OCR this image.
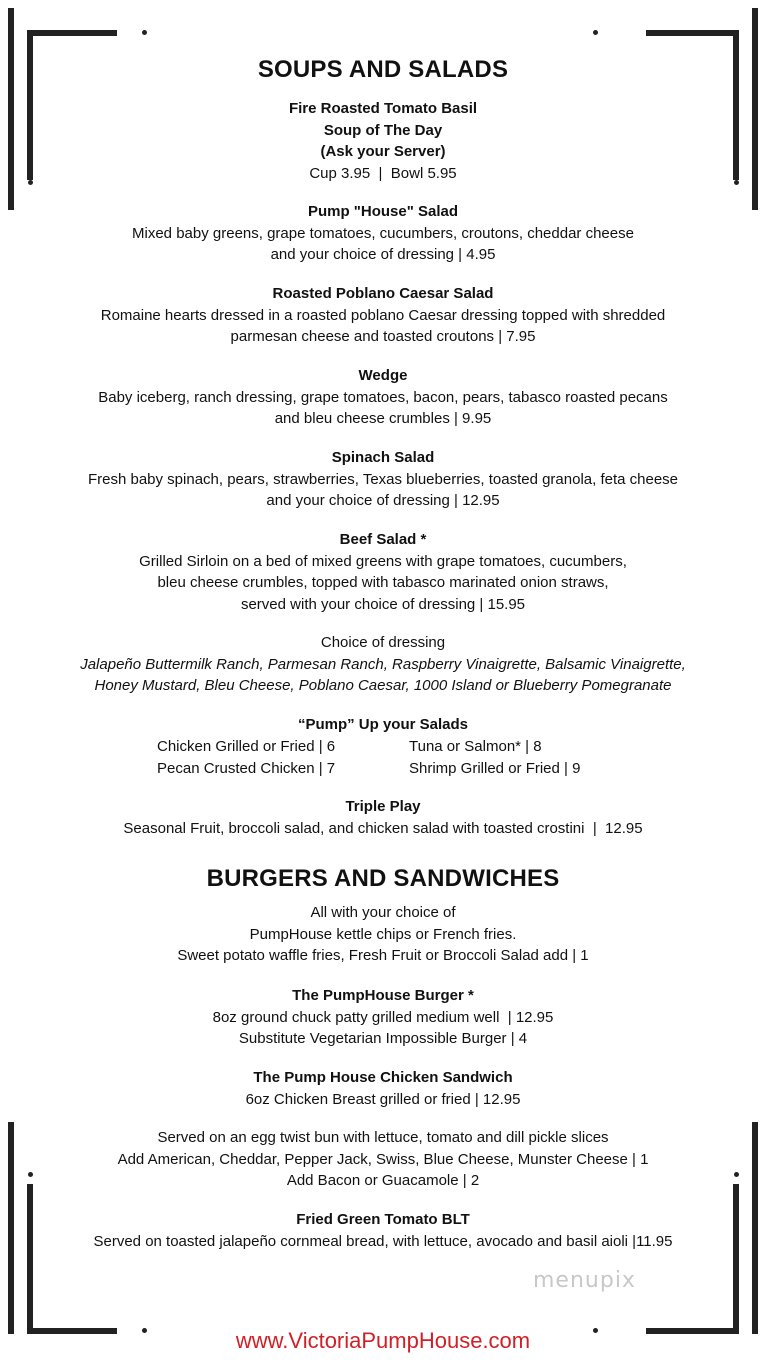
SOUPS AND SALADS
Fire Roasted Tomato Basil
Soup of The Day
(Ask your Server)
Cup 3.95  |  Bowl 5.95
Pump "House" Salad
Mixed baby greens, grape tomatoes, cucumbers, croutons, cheddar cheese
and your choice of dressing | 4.95
Roasted Poblano Caesar Salad
Romaine hearts dressed in a roasted poblano Caesar dressing topped with shredded
parmesan cheese and toasted croutons | 7.95
Wedge
Baby iceberg, ranch dressing, grape tomatoes, bacon, pears, tabasco roasted pecans
and bleu cheese crumbles | 9.95
Spinach Salad
Fresh baby spinach, pears, strawberries, Texas blueberries, toasted granola, feta cheese
and your choice of dressing | 12.95
Beef Salad *
Grilled Sirloin on a bed of mixed greens with grape tomatoes, cucumbers,
bleu cheese crumbles, topped with tabasco marinated onion straws,
served with your choice of dressing | 15.95
Choice of dressing
Jalapeño Buttermilk Ranch, Parmesan Ranch, Raspberry Vinaigrette, Balsamic Vinaigrette,
Honey Mustard, Bleu Cheese, Poblano Caesar, 1000 Island or Blueberry Pomegranate
“Pump” Up your Salads
Chicken Grilled or Fried | 6	Tuna or Salmon* | 8
Pecan Crusted Chicken | 7	Shrimp Grilled or Fried | 9
Triple Play
Seasonal Fruit, broccoli salad, and chicken salad with toasted crostini  |  12.95
BURGERS AND SANDWICHES
All with your choice of
PumpHouse kettle chips or French fries.
Sweet potato waffle fries, Fresh Fruit or Broccoli Salad add | 1
The PumpHouse Burger *
8oz ground chuck patty grilled medium well  | 12.95
Substitute Vegetarian Impossible Burger | 4
The Pump House Chicken Sandwich
6oz Chicken Breast grilled or fried | 12.95
Served on an egg twist bun with lettuce, tomato and dill pickle slices
Add American, Cheddar, Pepper Jack, Swiss, Blue Cheese, Munster Cheese | 1
Add Bacon or Guacamole | 2
Fried Green Tomato BLT
Served on toasted jalapeño cornmeal bread, with lettuce, avocado and basil aioli |11.95
menupix
www.VictoriaPumpHouse.com
